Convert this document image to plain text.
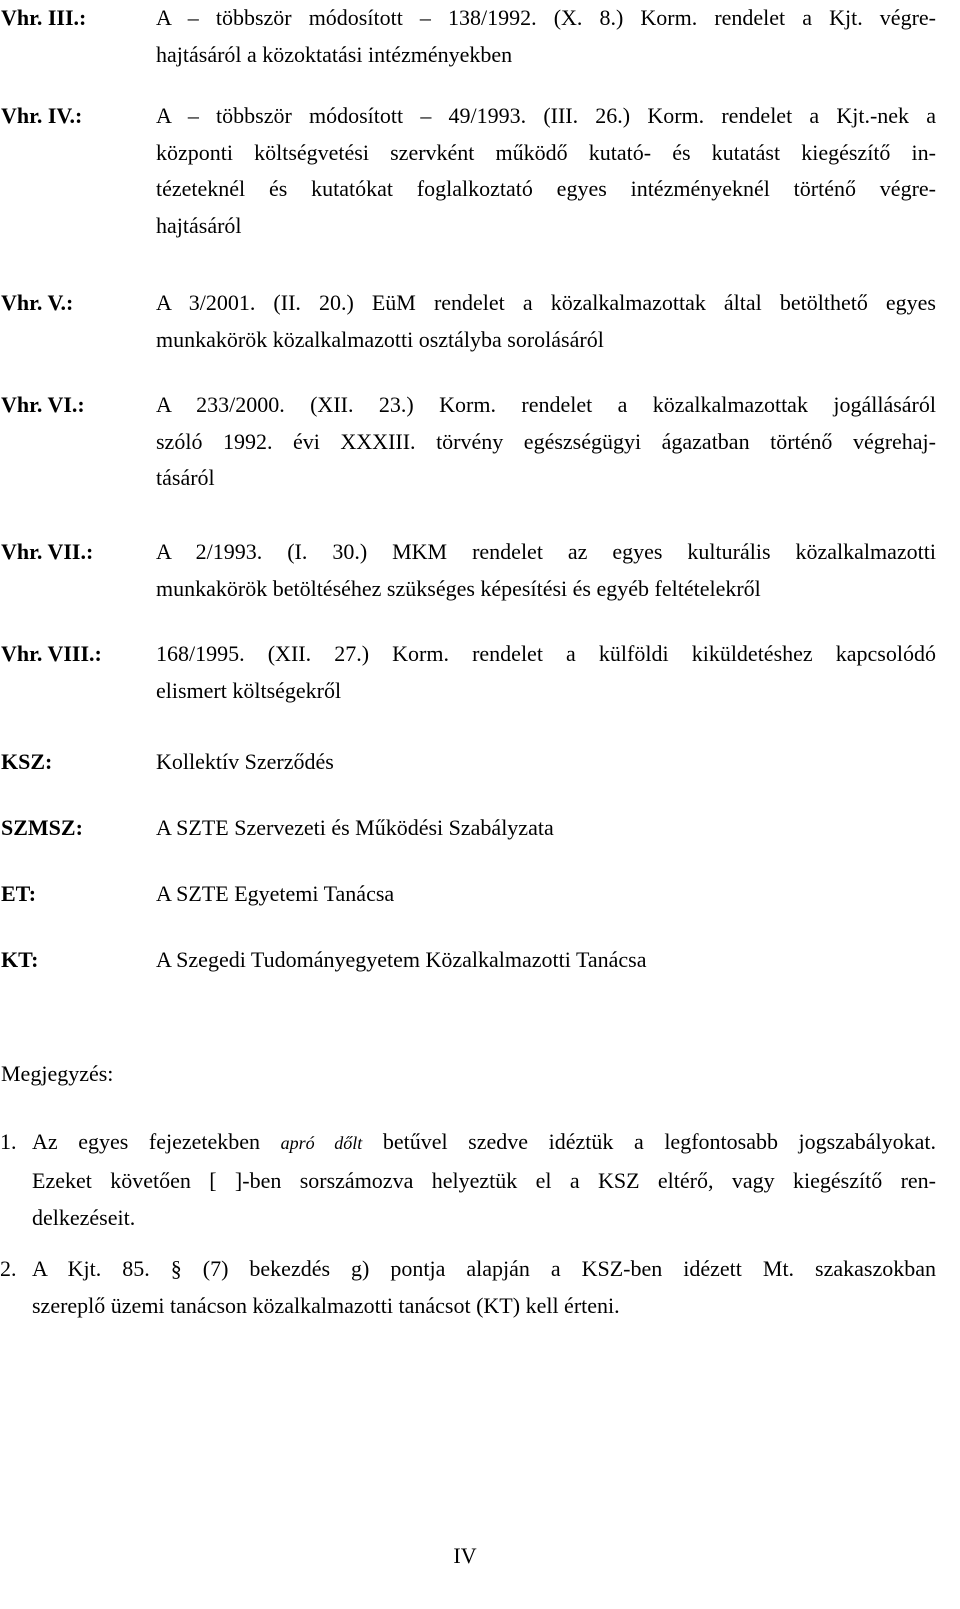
Vhr. III.:	A – többször módosított – 138/1992. (X. 8.) Korm. rendelet a Kjt. végre-
hajtásáról a közoktatási intézményekben
Vhr. IV.:	A – többször módosított – 49/1993. (III. 26.) Korm. rendelet a Kjt.-nek a
központi költségvetési szervként működő kutató- és kutatást kiegészítő in-
tézeteknél és kutatókat foglalkoztató egyes intézményeknél történő végre-
hajtásáról
Vhr. V.:	A 3/2001. (II. 20.) EüM rendelet a közalkalmazottak által betölthető egyes
munkakörök közalkalmazotti osztályba sorolásáról
Vhr. VI.:	A 233/2000. (XII. 23.) Korm. rendelet a közalkalmazottak jogállásáról
szóló 1992. évi XXXIII. törvény egészségügyi ágazatban történő végrehaj-
tásáról
Vhr. VII.:	A 2/1993. (I. 30.) MKM rendelet az egyes kulturális közalkalmazotti
munkakörök betöltéséhez szükséges képesítési és egyéb feltételekről
Vhr. VIII.: 168/1995. (XII. 27.) Korm. rendelet a külföldi kiküldetéshez kapcsolódó
elismert költségekről
KSZ:	Kollektív Szerződés
SZMSZ:	A SZTE Szervezeti és Működési Szabályzata
ET:	A SZTE Egyetemi Tanácsa
KT:	A Szegedi Tudományegyetem Közalkalmazotti Tanácsa
Megjegyzés:
1. Az egyes fejezetekben apró dőlt betűvel szedve idéztük a legfontosabb jogszabályokat.
Ezeket követően [ ]-ben sorszámozva helyeztük el a KSZ eltérő, vagy kiegészítő ren-
delkezéseit.
2. A Kjt. 85. § (7) bekezdés g) pontja alapján a KSZ-ben idézett Mt. szakaszokban
szereplő üzemi tanácson közalkalmazotti tanácsot (KT) kell érteni.
IV
